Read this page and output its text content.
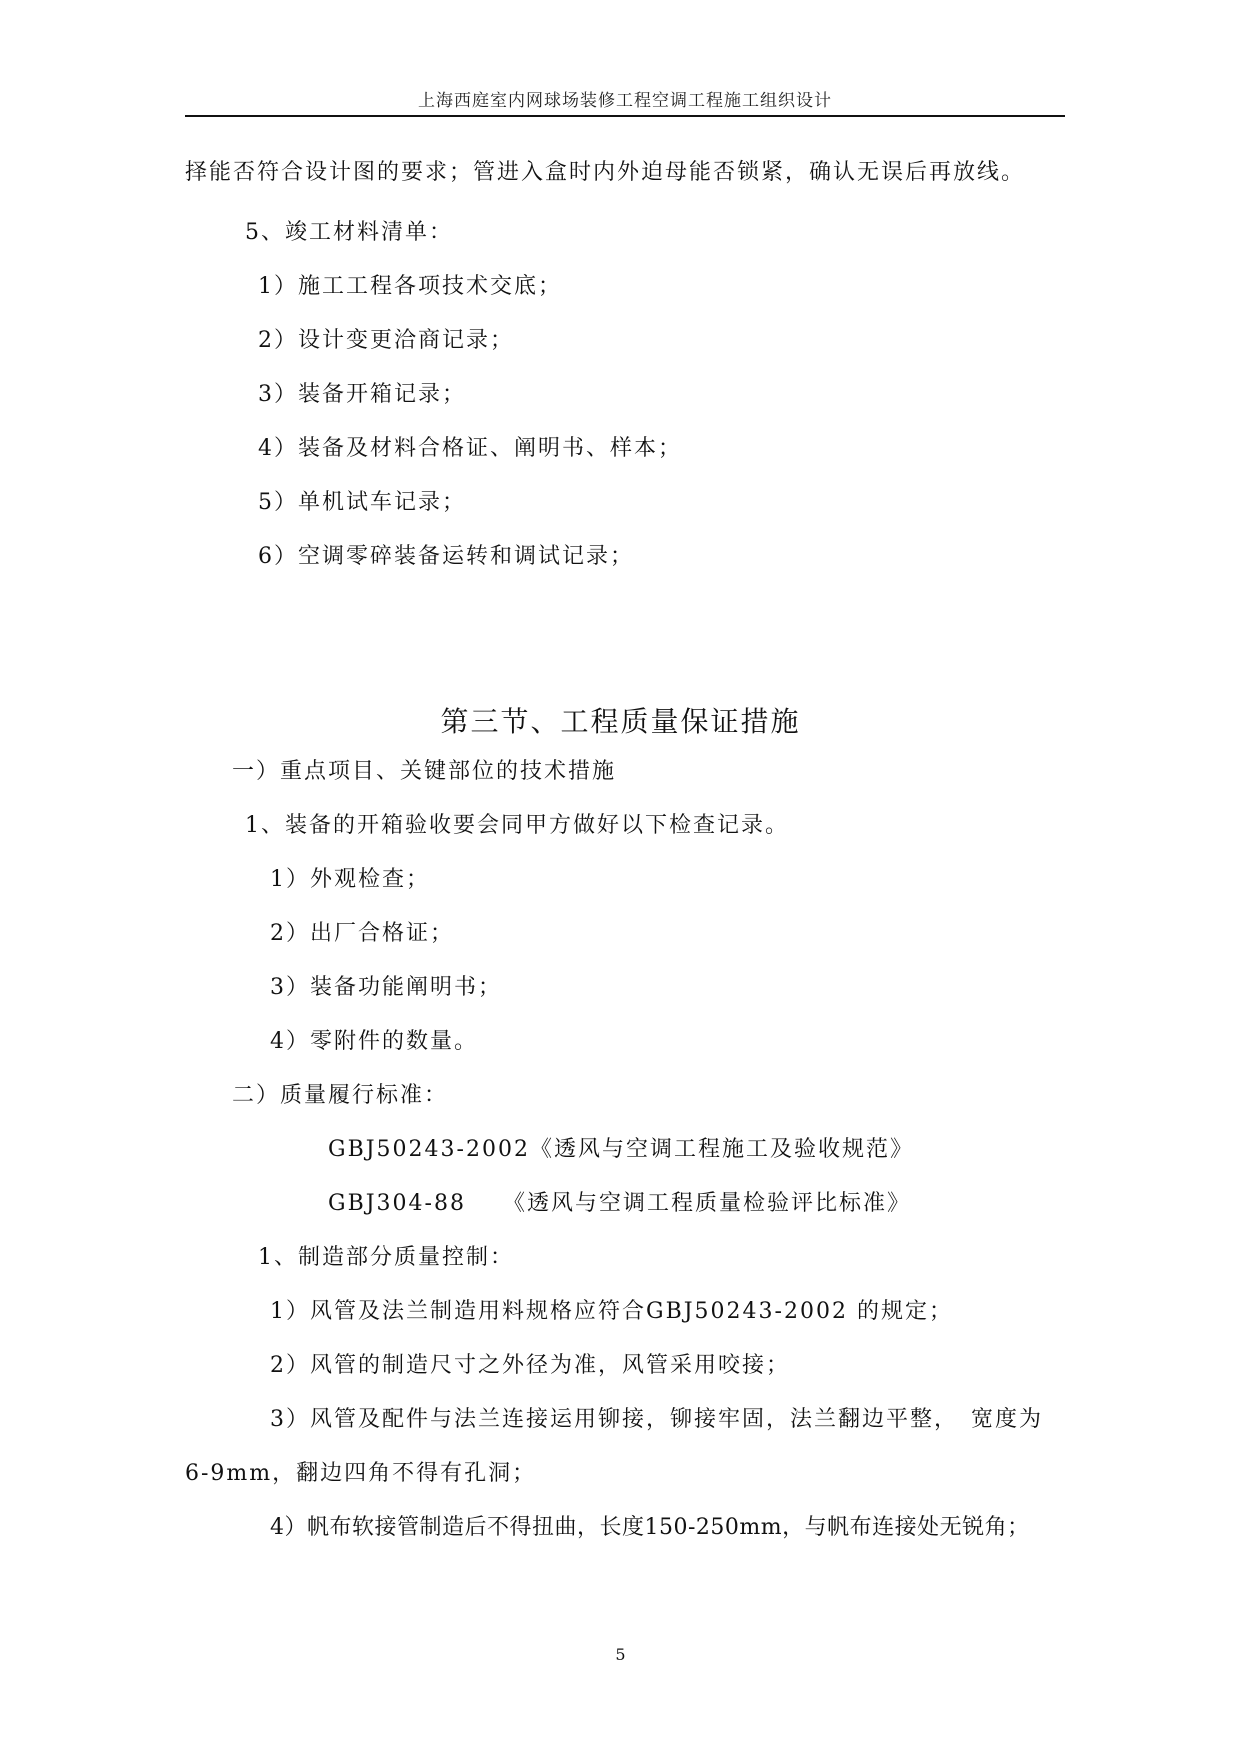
上海西庭室内网球场装修工程空调工程施工组织设计
择能否符合设计图的要求；管进入盒时内外迫母能否锁紧，确认无误后再放线。
5、竣工材料清单：
1）施工工程各项技术交底；
2）设计变更洽商记录；
3）装备开箱记录；
4）装备及材料合格证、阐明书、样本；
5）单机试车记录；
6）空调零碎装备运转和调试记录；
第三节、工程质量保证措施
一）重点项目、关键部位的技术措施
1、装备的开箱验收要会同甲方做好以下检查记录。
1）外观检查；
2）出厂合格证；
3）装备功能阐明书；
4）零附件的数量。
二）质量履行标准：
GBJ50243-2002《透风与空调工程施工及验收规范》
GBJ304-88　　《透风与空调工程质量检验评比标准》
1、制造部分质量控制：
1）风管及法兰制造用料规格应符合GBJ50243-2002 的规定；
2）风管的制造尺寸之外径为准，风管采用咬接；
3）风管及配件与法兰连接运用铆接，铆接牢固，法兰翻边平整，　宽度为
6-9mm，翻边四角不得有孔洞；
4）帆布软接管制造后不得扭曲，长度150-250mm，与帆布连接处无锐角；
5
